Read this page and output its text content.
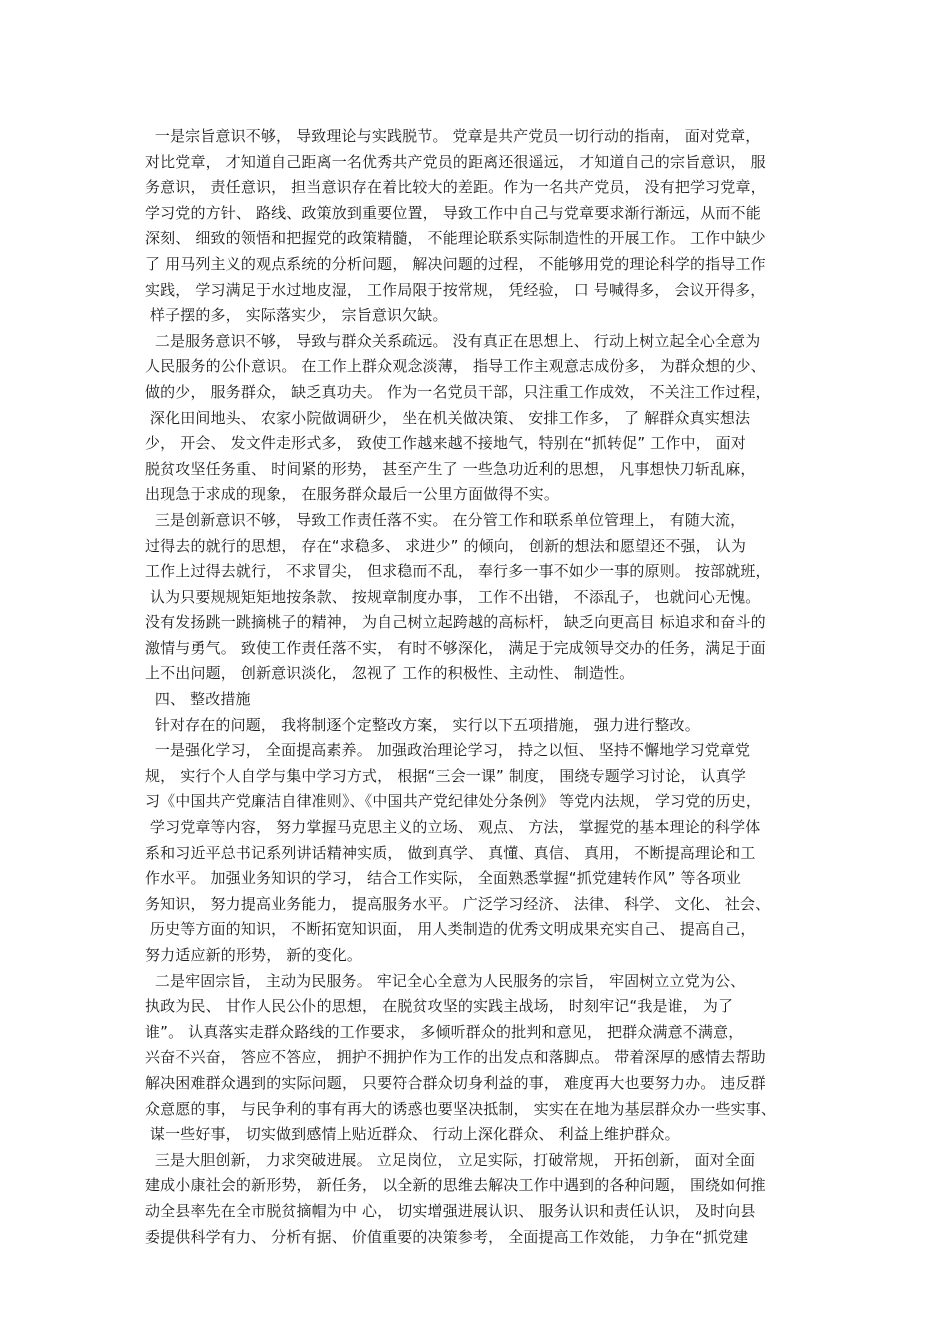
一是宗旨意识不够， 导致理论与实践脱节。 党章是共产党员一切行动的指南， 面对党章，
对比党章， 才知道自己距离一名优秀共产党员的距离还很遥远， 才知道自己的宗旨意识， 服
务意识， 责任意识， 担当意识存在着比较大的差距。作为一名共产党员， 没有把学习党章，
学习党的方针、 路线、政策放到重要位置， 导致工作中自己与党章要求渐行渐远，从而不能
深刻、 细致的领悟和把握党的政策精髓， 不能理论联系实际制造性的开展工作。 工作中缺少
了 用马列主义的观点系统的分析问题， 解决问题的过程， 不能够用党的理论科学的指导工作
实践， 学习满足于水过地皮湿， 工作局限于按常规， 凭经验， 口 号喊得多， 会议开得多，
样子摆的多， 实际落实少， 宗旨意识欠缺。
二是服务意识不够， 导致与群众关系疏远。 没有真正在思想上、 行动上树立起全心全意为
人民服务的公仆意识。 在工作上群众观念淡薄， 指导工作主观意志成份多， 为群众想的少、
做的少， 服务群众， 缺乏真功夫。 作为一名党员干部，只注重工作成效， 不关注工作过程，
深化田间地头、 农家小院做调研少， 坐在机关做决策、 安排工作多， 了 解群众真实想法
少， 开会、 发文件走形式多， 致使工作越来越不接地气，特别在“抓转促” 工作中， 面对
脱贫攻坚任务重、 时间紧的形势， 甚至产生了 一些急功近利的思想， 凡事想快刀斩乱麻，
出现急于求成的现象， 在服务群众最后一公里方面做得不实。
三是创新意识不够， 导致工作责任落不实。 在分管工作和联系单位管理上， 有随大流，
过得去的就行的思想， 存在“求稳多、 求进少” 的倾向， 创新的想法和愿望还不强， 认为
工作上过得去就行， 不求冒尖， 但求稳而不乱， 奉行多一事不如少一事的原则。 按部就班，
认为只要规规矩矩地按条款、 按规章制度办事， 工作不出错， 不添乱子， 也就问心无愧。
没有发扬跳一跳摘桃子的精神， 为自己树立起跨越的高标杆， 缺乏向更高目 标追求和奋斗的
激情与勇气。 致使工作责任落不实， 有时不够深化， 满足于完成领导交办的任务，满足于面
上不出问题， 创新意识淡化， 忽视了 工作的积极性、主动性、 制造性。
四、 整改措施
针对存在的问题， 我将制逐个定整改方案， 实行以下五项措施， 强力进行整改。
一是强化学习， 全面提高素养。 加强政治理论学习， 持之以恒、 坚持不懈地学习党章党
规， 实行个人自学与集中学习方式， 根据“三会一课” 制度， 围绕专题学习讨论， 认真学
习《中国共产党廉洁自律准则》、《中国共产党纪律处分条例》 等党内法规， 学习党的历史，
学习党章等内容， 努力掌握马克思主义的立场、 观点、 方法， 掌握党的基本理论的科学体
系和习近平总书记系列讲话精神实质， 做到真学、 真懂、真信、 真用， 不断提高理论和工
作水平。 加强业务知识的学习， 结合工作实际， 全面熟悉掌握“抓党建转作风” 等各项业
务知识， 努力提高业务能力， 提高服务水平。 广泛学习经济、 法律、 科学、 文化、 社会、
历史等方面的知识， 不断拓宽知识面， 用人类制造的优秀文明成果充实自己、 提高自己，
努力适应新的形势， 新的变化。
二是牢固宗旨， 主动为民服务。 牢记全心全意为人民服务的宗旨， 牢固树立立党为公、
执政为民、 甘作人民公仆的思想， 在脱贫攻坚的实践主战场， 时刻牢记“我是谁， 为了
谁”。 认真落实走群众路线的工作要求， 多倾听群众的批判和意见， 把群众满意不满意，
兴奋不兴奋， 答应不答应， 拥护不拥护作为工作的出发点和落脚点。 带着深厚的感情去帮助
解决困难群众遇到的实际问题， 只要符合群众切身利益的事， 难度再大也要努力办。 违反群
众意愿的事， 与民争利的事有再大的诱惑也要坚决抵制， 实实在在地为基层群众办一些实事、
谋一些好事， 切实做到感情上贴近群众、 行动上深化群众、 利益上维护群众。
三是大胆创新， 力求突破进展。 立足岗位， 立足实际，打破常规， 开拓创新， 面对全面
建成小康社会的新形势， 新任务， 以全新的思维去解决工作中遇到的各种问题， 围绕如何推
动全县率先在全市脱贫摘帽为中 心， 切实增强进展认识、 服务认识和责任认识， 及时向县
委提供科学有力、 分析有据、 价值重要的决策参考， 全面提高工作效能， 力争在“抓党建
